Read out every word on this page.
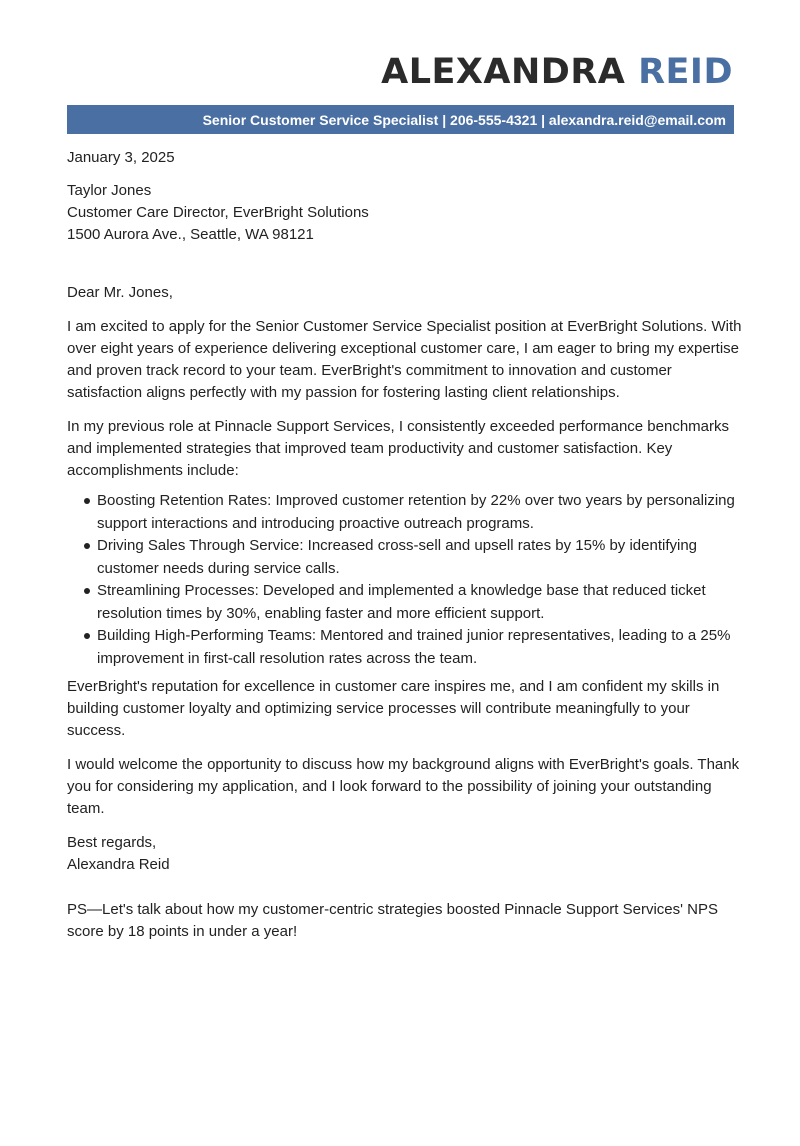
ALEXANDRA REID
Senior Customer Service Specialist | 206-555-4321 | alexandra.reid@email.com

January 3, 2025

Taylor Jones

Customer Care Director, EverBright Solutions

1500 Aurora Ave., Seattle, WA 98121

Dear Mr. Jones,

I am excited to apply for the Senior Customer Service Specialist position at EverBright Solutions. With over eight years of experience delivering exceptional customer care, I am eager to bring my expertise and proven track record to your team. EverBright's commitment to innovation and customer satisfaction aligns perfectly with my passion for fostering lasting client relationships.

In my previous role at Pinnacle Support Services, I consistently exceeded performance benchmarks and implemented strategies that improved team productivity and customer satisfaction. Key accomplishments include:

Boosting Retention Rates: Improved customer retention by 22% over two years by personalizing support interactions and introducing proactive outreach programs.
Driving Sales Through Service: Increased cross-sell and upsell rates by 15% by identifying customer needs during service calls.
Streamlining Processes: Developed and implemented a knowledge base that reduced ticket resolution times by 30%, enabling faster and more efficient support.
Building High-Performing Teams: Mentored and trained junior representatives, leading to a 25% improvement in first-call resolution rates across the team.

EverBright's reputation for excellence in customer care inspires me, and I am confident my skills in building customer loyalty and optimizing service processes will contribute meaningfully to your success.

I would welcome the opportunity to discuss how my background aligns with EverBright's goals. Thank you for considering my application, and I look forward to the possibility of joining your outstanding team.

Best regards,

Alexandra Reid

PS—Let's talk about how my customer-centric strategies boosted Pinnacle Support Services' NPS score by 18 points in under a year!
